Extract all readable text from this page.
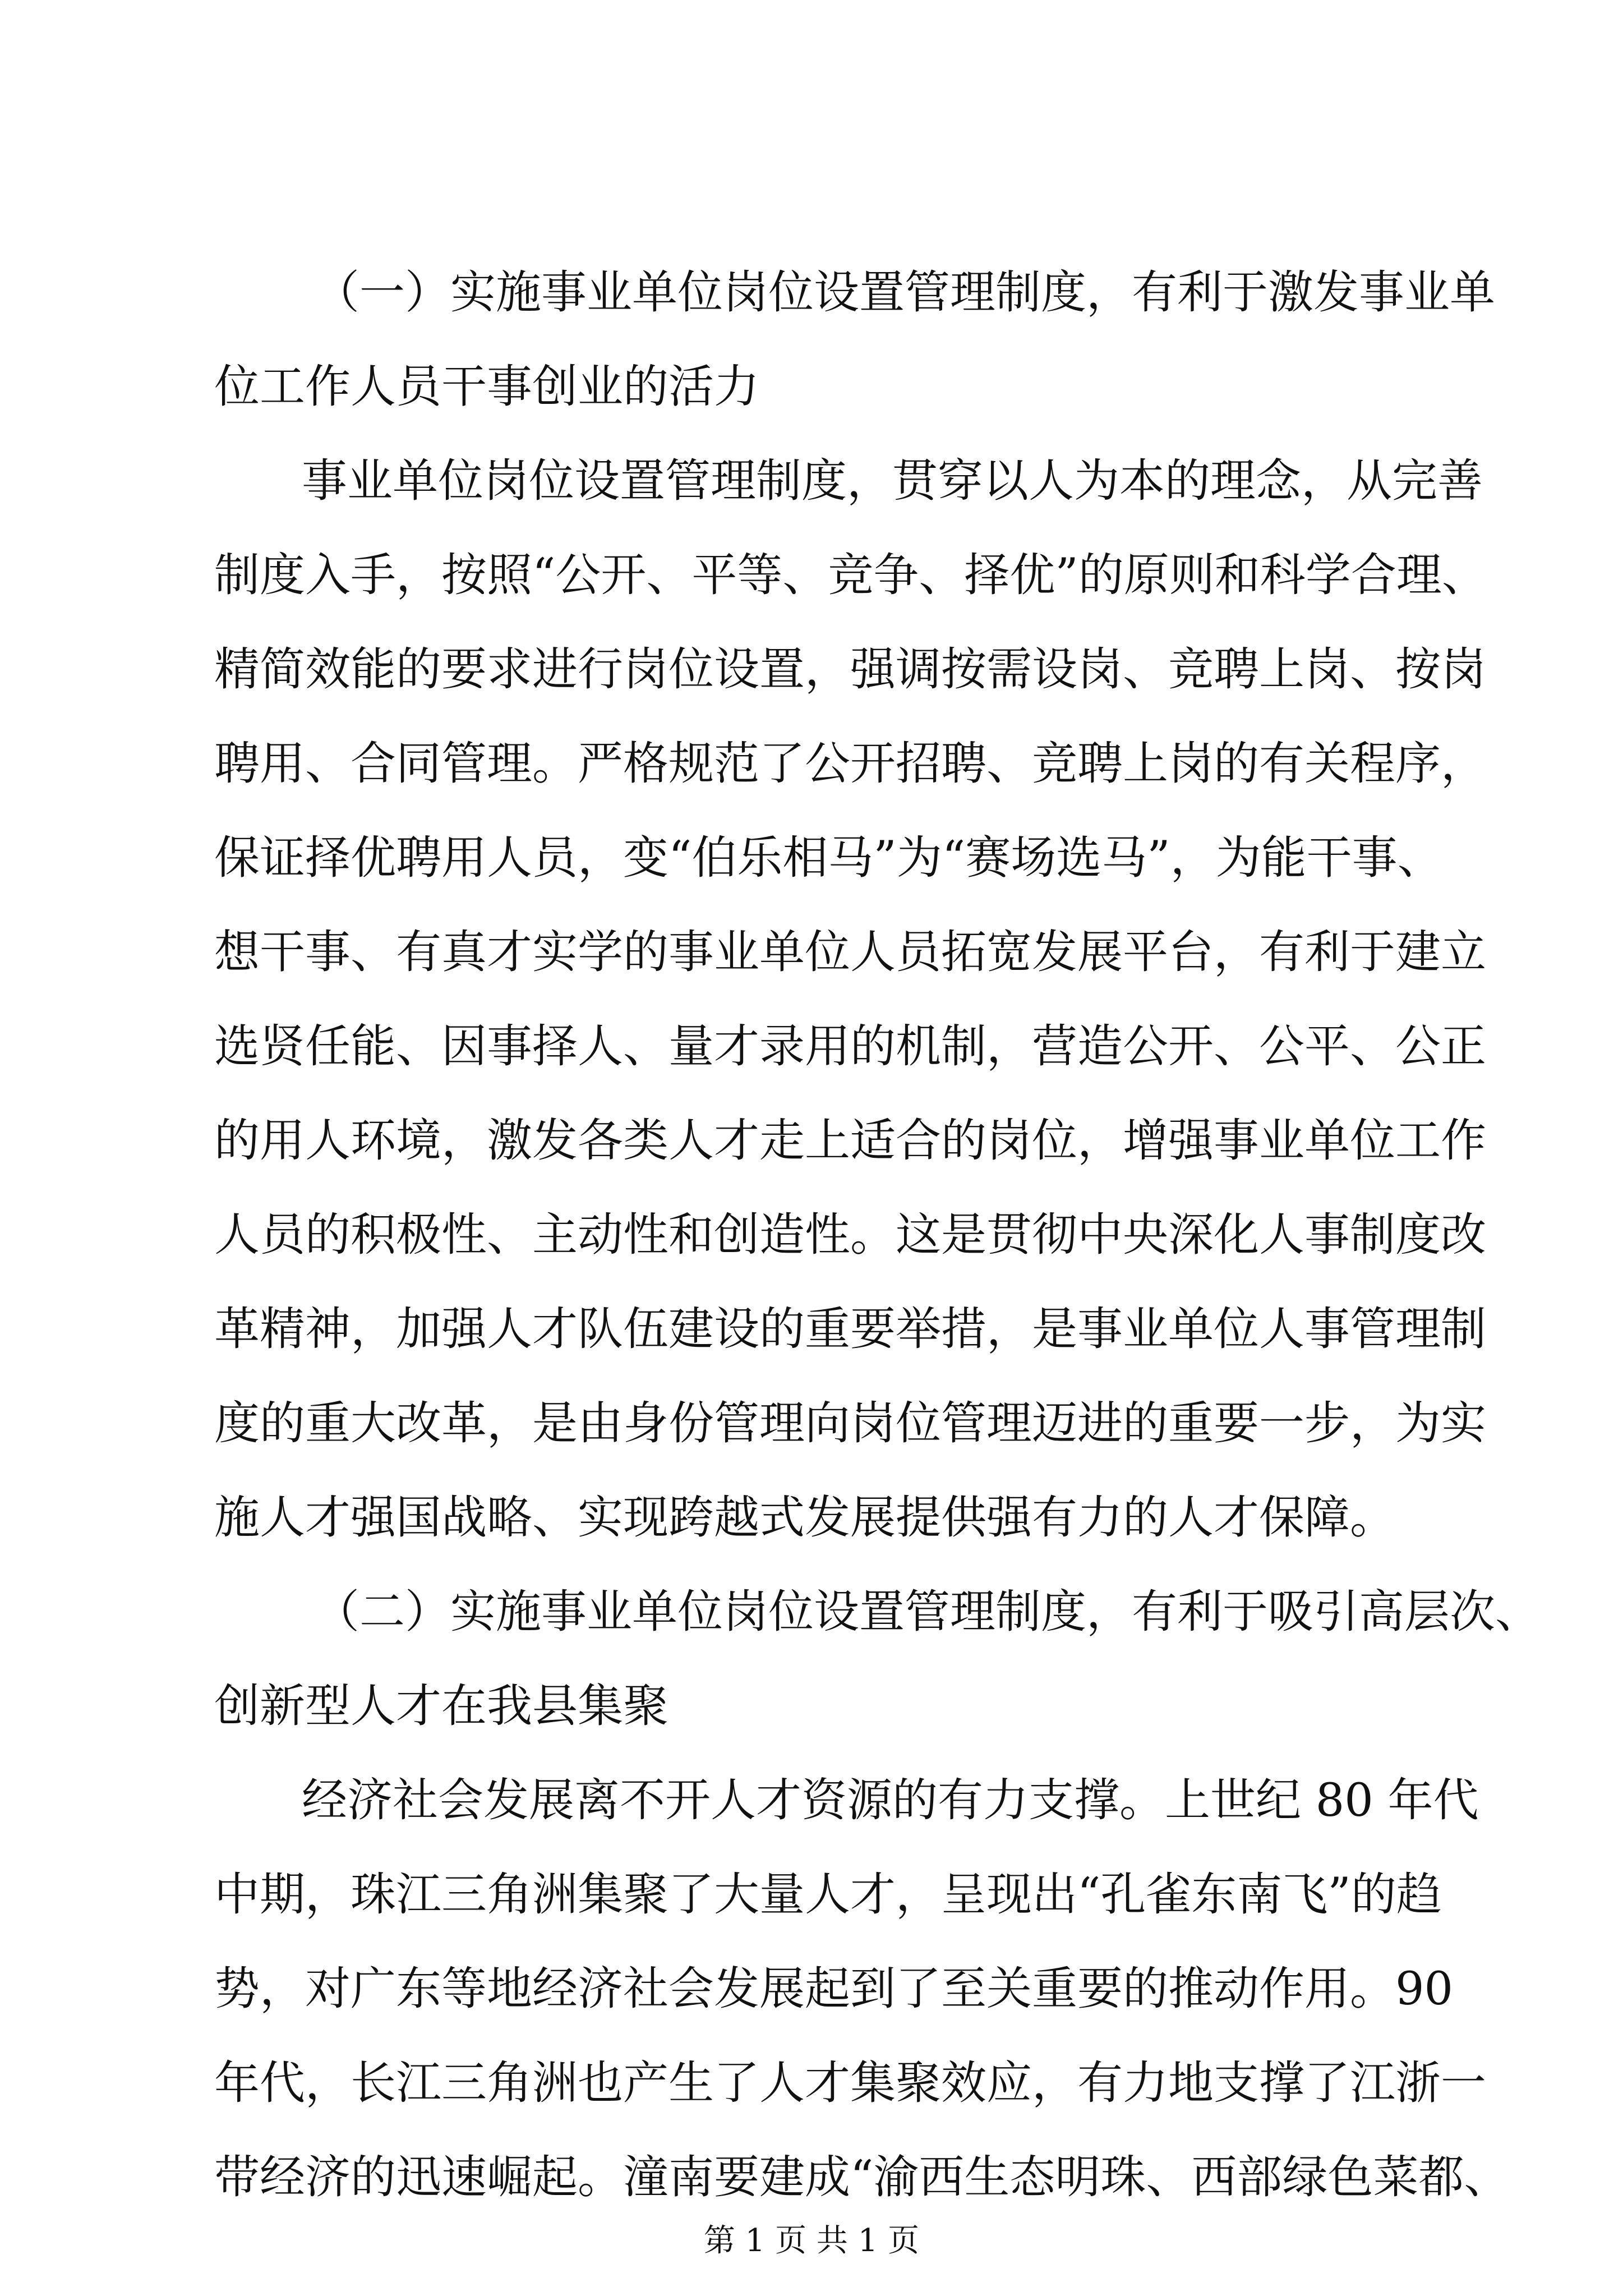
（一）实施事业单位岗位设置管理制度，有利于激发事业单
位工作人员干事创业的活力
事业单位岗位设置管理制度，贯穿以人为本的理念，从完善
制度入手，按照“公开、平等、竞争、择优”的原则和科学合理、
精简效能的要求进行岗位设置，强调按需设岗、竞聘上岗、按岗
聘用、合同管理。严格规范了公开招聘、竞聘上岗的有关程序，
保证择优聘用人员，变“伯乐相马”为“赛场选马”，为能干事、
想干事、有真才实学的事业单位人员拓宽发展平台，有利于建立
选贤任能、因事择人、量才录用的机制，营造公开、公平、公正
的用人环境，激发各类人才走上适合的岗位，增强事业单位工作
人员的积极性、主动性和创造性。这是贯彻中央深化人事制度改
革精神，加强人才队伍建设的重要举措，是事业单位人事管理制
度的重大改革，是由身份管理向岗位管理迈进的重要一步，为实
施人才强国战略、实现跨越式发展提供强有力的人才保障。
（二）实施事业单位岗位设置管理制度，有利于吸引高层次、
创新型人才在我县集聚
经济社会发展离不开人才资源的有力支撑。上世纪 80 年代
中期，珠江三角洲集聚了大量人才，呈现出“孔雀东南飞”的趋
势，对广东等地经济社会发展起到了至关重要的推动作用。90
年代，长江三角洲也产生了人才集聚效应，有力地支撑了江浙一
带经济的迅速崛起。潼南要建成“渝西生态明珠、西部绿色菜都、
第 1 页 共 1 页
